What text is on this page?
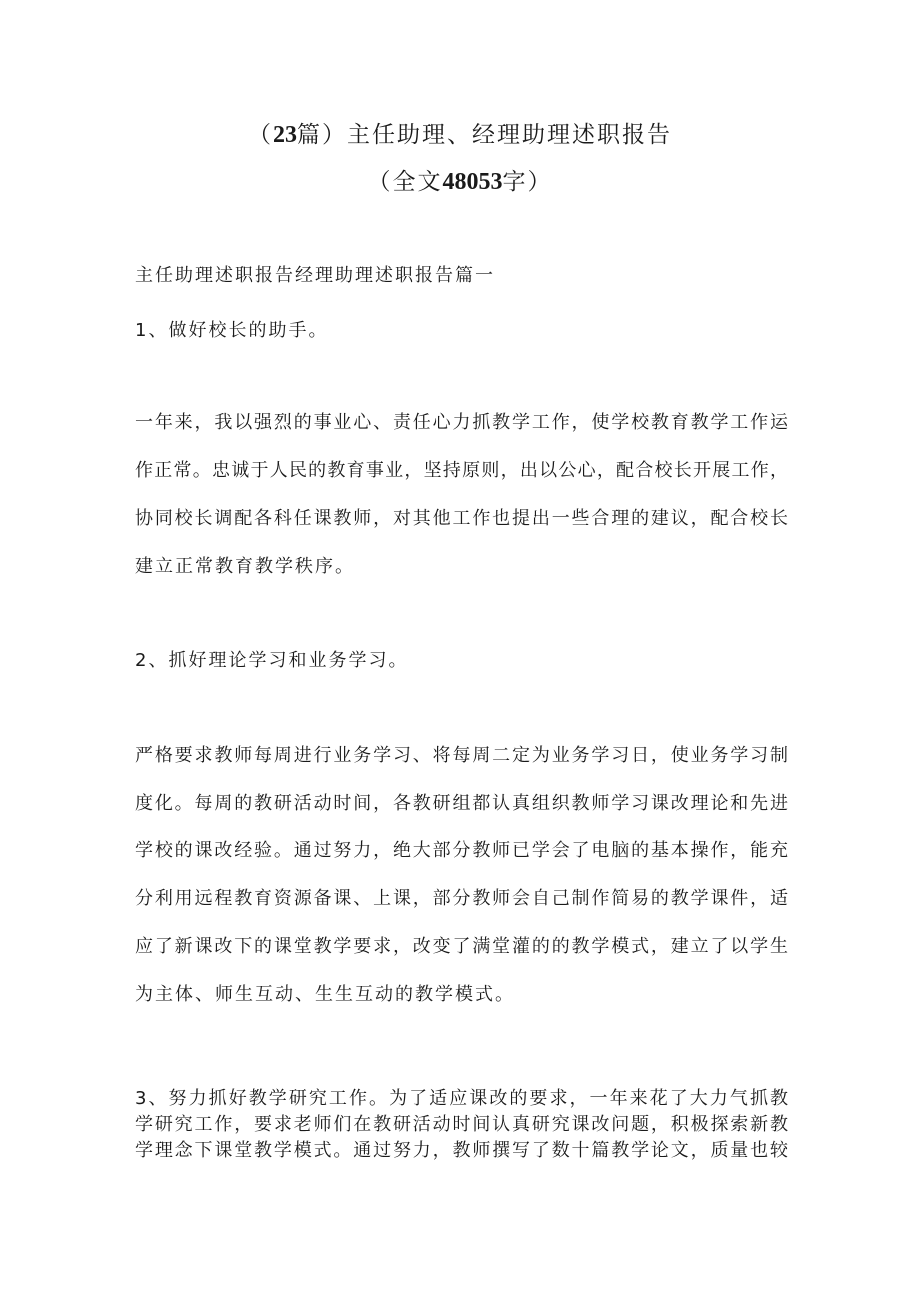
（23篇）主任助理、经理助理述职报告
（全文48053字）
主任助理述职报告经理助理述职报告篇一
1、做好校长的助手。
一年来，我以强烈的事业心、责任心力抓教学工作，使学校教育教学工作运
作正常。忠诚于人民的教育事业，坚持原则，出以公心，配合校长开展工作，
协同校长调配各科任课教师，对其他工作也提出一些合理的建议，配合校长
建立正常教育教学秩序。
2、抓好理论学习和业务学习。
严格要求教师每周进行业务学习、将每周二定为业务学习日，使业务学习制
度化。每周的教研活动时间，各教研组都认真组织教师学习课改理论和先进
学校的课改经验。通过努力，绝大部分教师已学会了电脑的基本操作，能充
分利用远程教育资源备课、上课，部分教师会自己制作简易的教学课件，适
应了新课改下的课堂教学要求，改变了满堂灌的的教学模式，建立了以学生
为主体、师生互动、生生互动的教学模式。
3、努力抓好教学研究工作。为了适应课改的要求，一年来花了大力气抓教
学研究工作，要求老师们在教研活动时间认真研究课改问题，积极探索新教
学理念下课堂教学模式。通过努力，教师撰写了数十篇教学论文，质量也较
